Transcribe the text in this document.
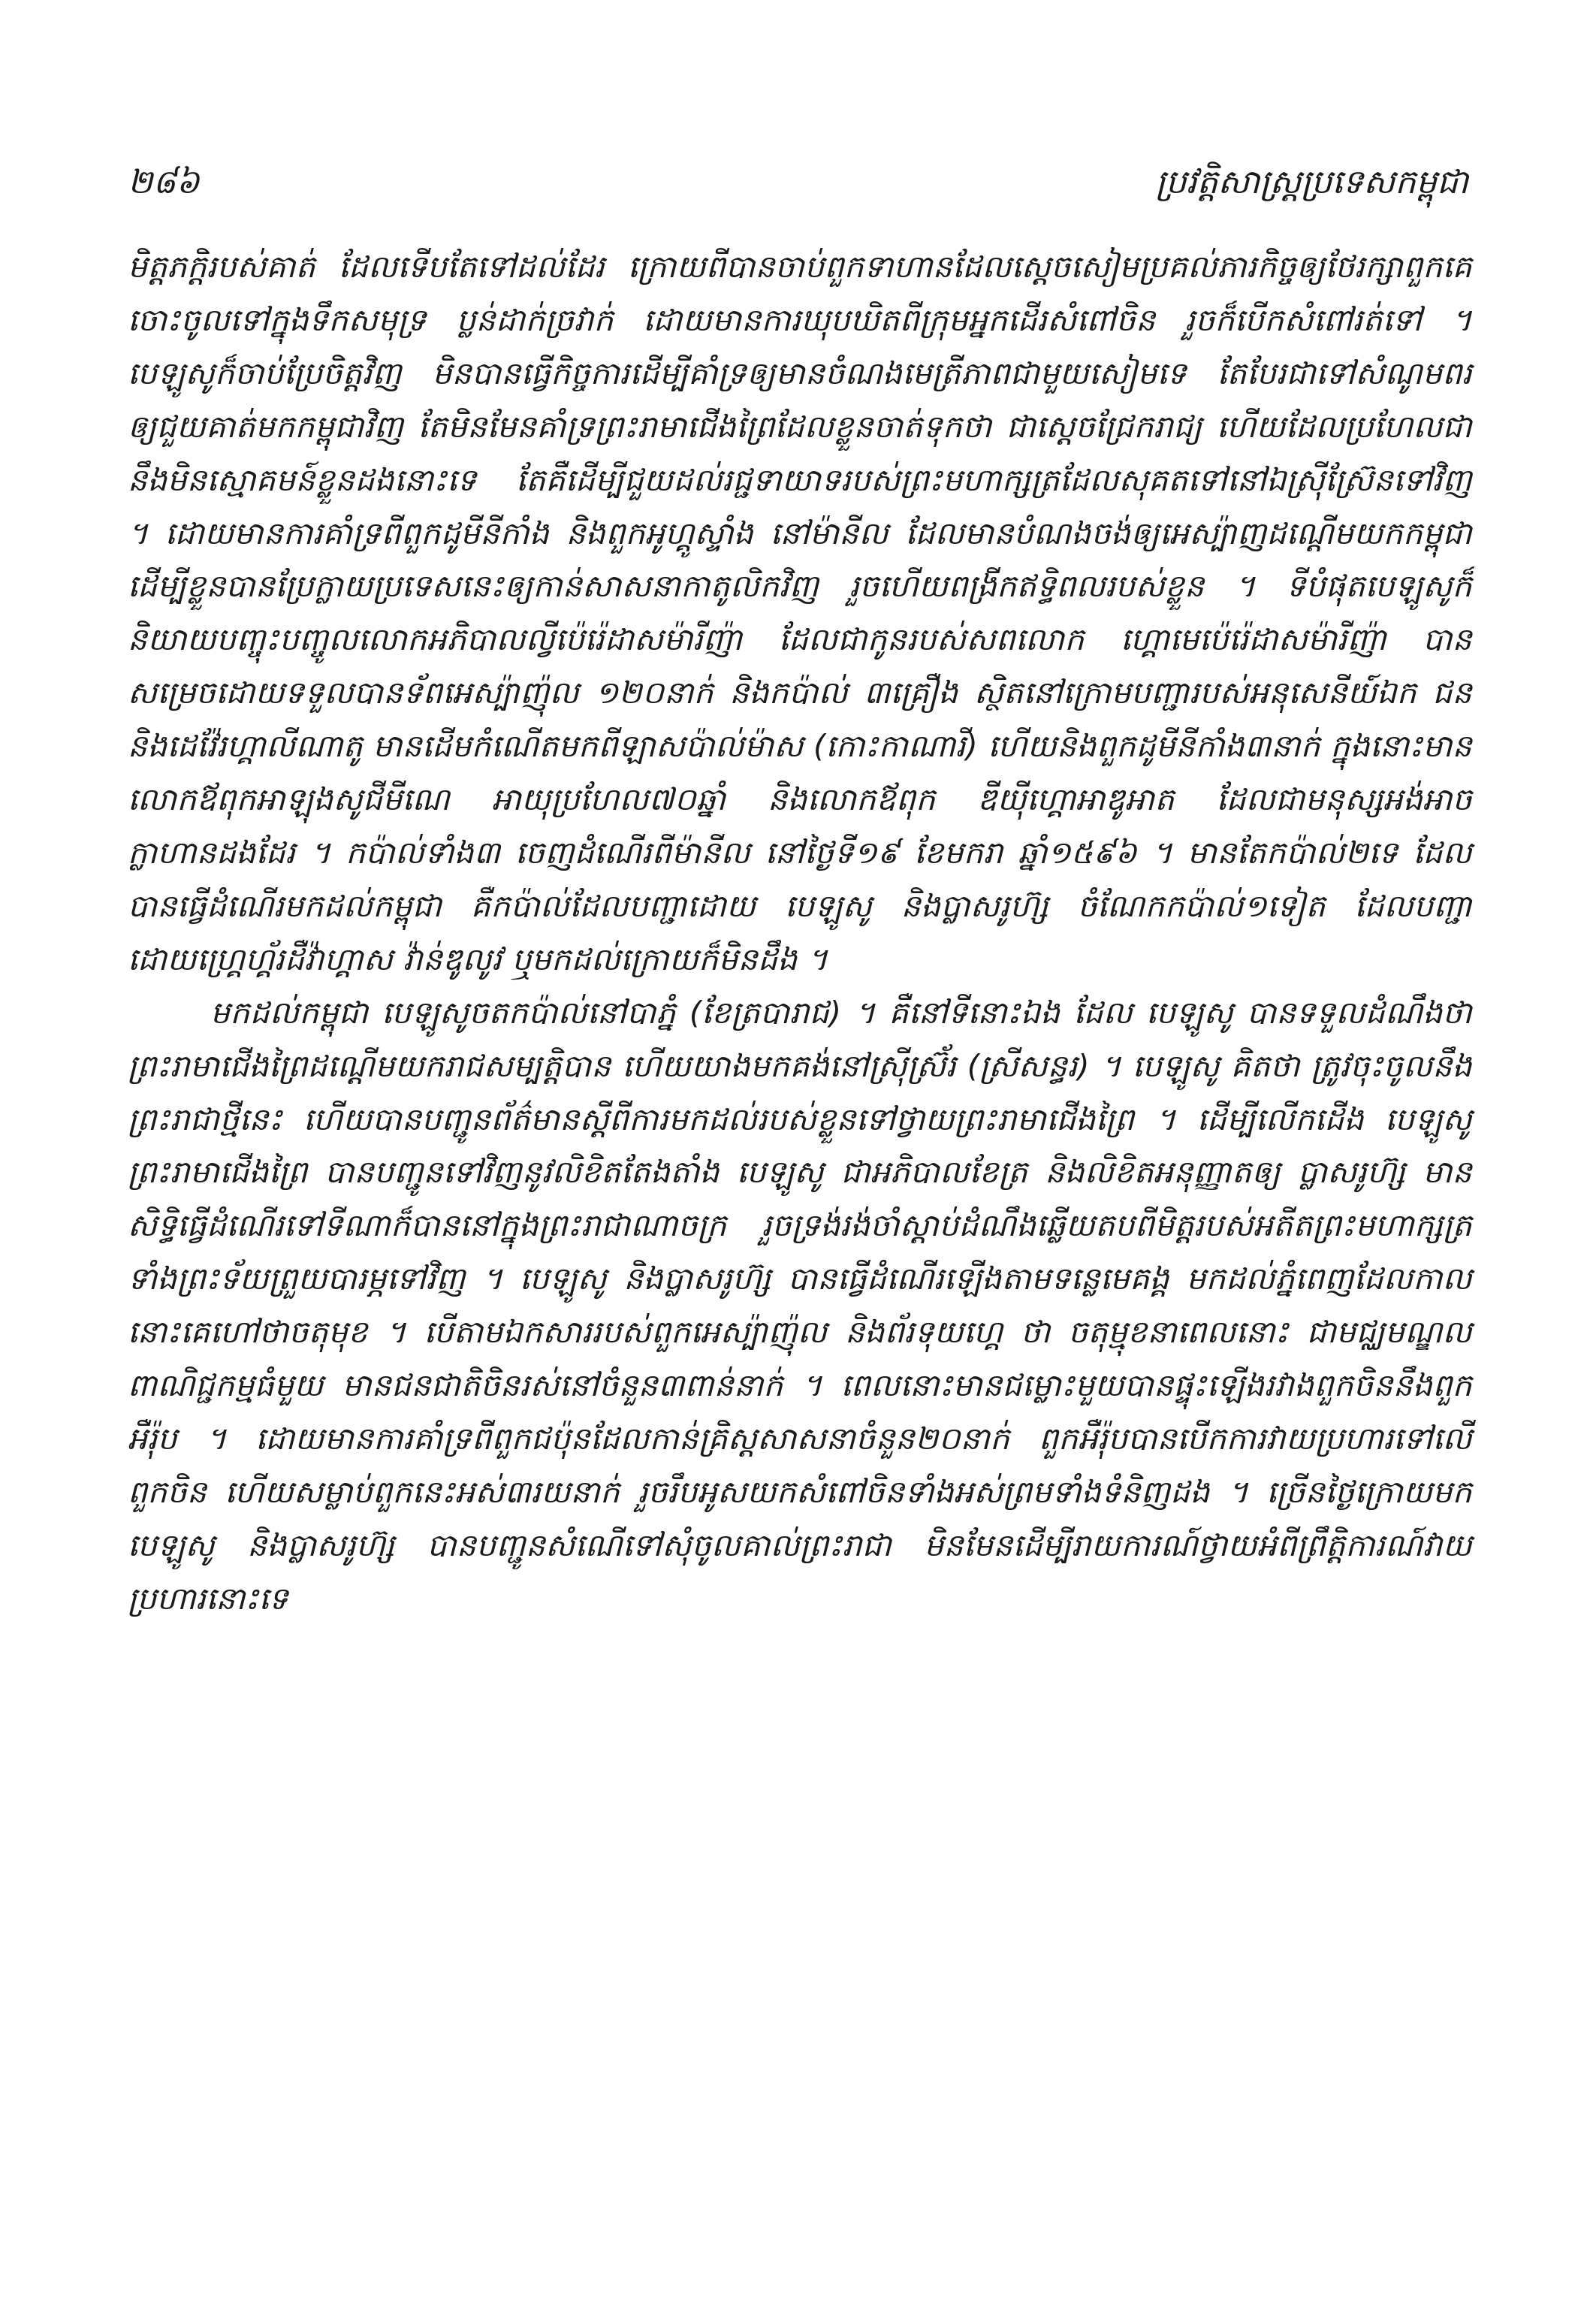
២៨៦	ប្រវត្តិសាស្ត្រប្រទេសកម្ពុជា

មិត្តភក្តិរបស់គាត់ ដែលទើបតែទៅដល់ដែរ ក្រោយពីបានចាប់ពួកទាហានដែលស្តេចសៀមប្រគល់ភារកិច្ចឲ្យថែរក្សាពួកគេ ចោះចូលទៅក្នុងទឹកសមុទ្រ ប្លន់ដាក់ច្រវាក់ ដោយមានការឃុបឃិតពីក្រុមអ្នកដើរសំពៅចិន រួចក៏បើកសំពៅរត់ទៅ ។ បេឡូសូក៏ចាប់ប្រែចិត្តវិញ មិនបានធ្វើកិច្ចការដើម្បីគាំទ្រឲ្យមានចំណងមេត្រីភាពជាមួយសៀមទេ តែបែរជាទៅសំណូមពរឲ្យជួយគាត់មកកម្ពុជាវិញ តែមិនមែនគាំទ្រព្រះរាមាជើងព្រៃដែលខ្លួនចាត់ទុកថា ជាស្តេចជ្រែករាជ្យ ហើយដែលប្រហែលជានឹងមិនស្មោគមន៍ខ្លួនដងនោះទេ តែគឺដើម្បីជួយដល់រជ្ជទាយាទរបស់ព្រះមហាក្សត្រដែលសុគតទៅនៅឯស៊្រីស៊្រែនទៅវិញ ។ ដោយមានការគាំទ្រពីពួកដូមីនីកាំង និងពួកអូហ្គូស្ទាំង នៅម៉ានីល ដែលមានបំណងចង់ឲ្យអេស្ប៉ាញដណ្តើមយកកម្ពុជា ដើម្បីខ្លួនបានប្រែក្លាយប្រទេសនេះឲ្យកាន់សាសនាកាតូលិកវិញ រួចហើយពង្រីកឥទ្ធិពលរបស់ខ្លួន ។ ទីបំផុតបេឡូសូក៏និយាយបញ្ចុះបញ្ចូលលោកអភិបាលល្វីប៉េរ៉េដាសម៉ារីញ៉ា ដែលជាកូនរបស់សពលោក ហ្គោមេប៉េរ៉េដាសម៉ារីញ៉ា បានសម្រេចដោយទទួលបានទ័ពអេស្ប៉ាញ៉ុល ១២០នាក់ និងកប៉ាល់ ៣គ្រឿង ស្ថិតនៅក្រោមបញ្ជារបស់អនុសេនីយ៍ឯក ជន និងដេវ៉ែរហ្គាលីណាតូ មានដើមកំណើតមកពីឡាសប៉ាល់ម៉ាស (កោះកាណារី) ហើយនិងពួកដូមីនីកាំង៣នាក់ ក្នុងនោះមានលោកឪពុកអាឡុងសូជីមីណេ អាយុប្រហែល៧០ឆ្នាំ និងលោកឪពុក ឌីយ៉ីហ្គោអាឌូអាត ដែលជាមនុស្សអង់អាចក្លាហានដងដែរ ។ កប៉ាល់ទាំង៣ ចេញដំណើរពីម៉ានីល នៅថ្ងៃទី១៩ ខែមករា ឆ្នាំ១៥៩៦ ។ មានតែកប៉ាល់២ទេ ដែលបានធ្វើដំណើរមកដល់កម្ពុជា គឺកប៉ាល់ដែលបញ្ជាដោយ បេឡូសូ និងប្លាសរូហ៊្ស ចំណែកកប៉ាល់១ទៀត ដែលបញ្ជាដោយហ្គ្រេហ្គ័រដឺវ៉ាហ្គាស វ៉ាន់ឌូលូវ ឬមកដល់ក្រោយក៏មិនដឹង ។

មកដល់កម្ពុជា បេឡូសូចតកប៉ាល់នៅបាភ្នំ (ខែត្របារាជ) ។ គឺនៅទីនោះឯង ដែល បេឡូសូ បានទទួលដំណឹងថា ព្រះរាមាជើងព្រៃដណ្តើមយករាជសម្បត្តិបាន ហើយយាងមកគង់នៅស៊្រីស៊្រ័រ (ស្រីសន្ធរ) ។ បេឡូសូ គិតថា ត្រូវចុះចូលនឹងព្រះរាជាថ្មីនេះ ហើយបានបញ្ជូនព័ត៌មានស្តីពីការមកដល់របស់ខ្លួនទៅថ្វាយព្រះរាមាជើងព្រៃ ។ ដើម្បីលើកដើង បេឡូសូ ព្រះរាមាជើងព្រៃ បានបញ្ជូនទៅវិញនូវលិខិតតែងតាំង បេឡូសូ ជាអភិបាលខែត្រ និងលិខិតអនុញ្ញាតឲ្យ ប្លាសរូហ៊្ស មានសិទ្ធិធ្វើដំណើរទៅទីណាក៏បាននៅក្នុងព្រះរាជាណាចក្រ រួចទ្រង់រង់ចាំស្តាប់ដំណឹងឆ្លើយតបពីមិត្តរបស់អតីតព្រះមហាក្សត្រទាំងព្រះទ័យព្រួយបារម្ភទៅវិញ ។ បេឡូសូ និងប្លាសរូហ៊្ស បានធ្វើដំណើរឡើងតាមទន្លេមេគង្គ មកដល់ភ្នំពេញដែលកាលនោះគេហៅថាចតុមុខ ។ បើតាមឯកសាររបស់ពួកអេស្ប៉ាញ៉ុល និងព័រទុយហ្គេ ថា ចតុម្មុខនាពេលនោះ ជាមជ្ឈមណ្ឌលពាណិជ្ជកម្មធំមួយ មានជនជាតិចិនរស់នៅចំនួន៣ពាន់នាក់ ។ ពេលនោះមានជម្លោះមួយបានផ្ទុះឡើងរវាងពួកចិននឹងពួកអឺរ៉ុប ។ ដោយមានការគាំទ្រពីពួកជប៉ុនដែលកាន់គ្រិស្តសាសនាចំនួន២០នាក់ ពួកអឺរ៉ុបបានបើកការវាយប្រហារទៅលើពួកចិន ហើយសម្លាប់ពួកនេះអស់៣រយនាក់ រួចរឹបអូសយកសំពៅចិនទាំងអស់ព្រមទាំងទំនិញដង ។ ច្រើនថ្ងៃក្រោយមក បេឡូសូ និងប្លាសរូហ៊្ស បានបញ្ជូនសំណើទៅសុំចូលគាល់ព្រះរាជា មិនមែនដើម្បីរាយការណ៍ថ្វាយអំពីព្រឹត្តិការណ៍វាយប្រហារនោះទេ
